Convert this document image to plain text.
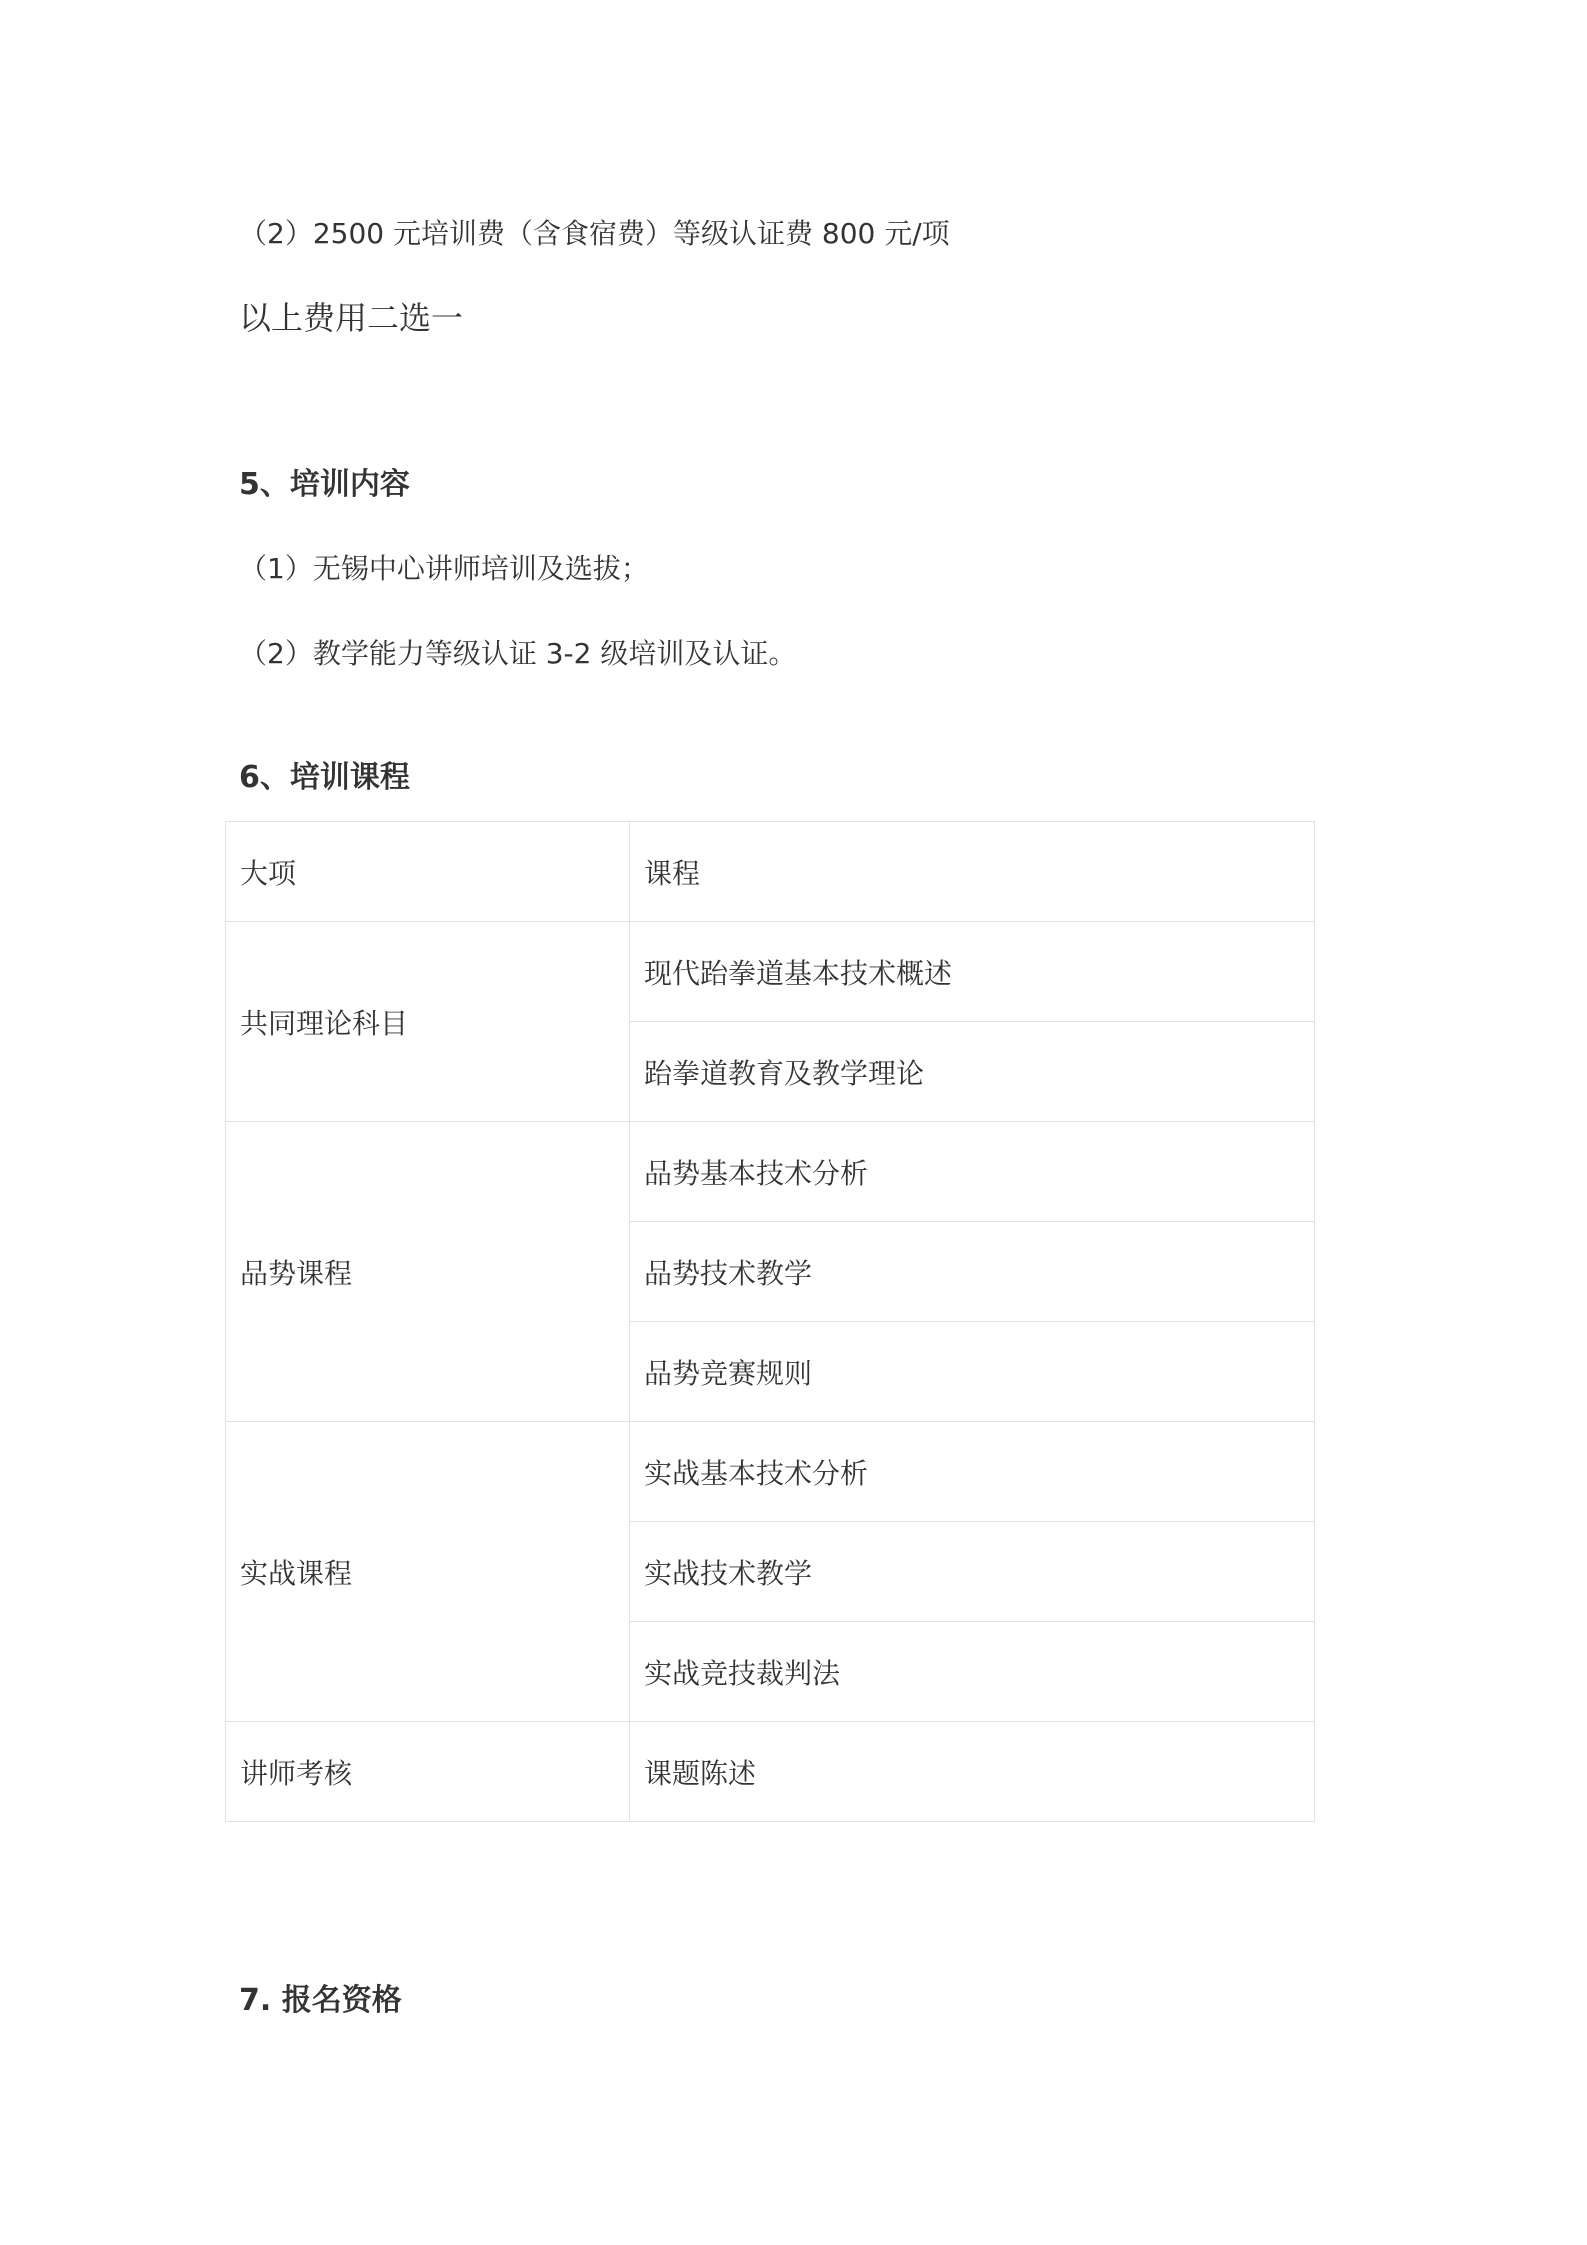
（2）2500 元培训费（含食宿费）等级认证费 800 元/项
以上费用二选一
5、培训内容
（1）无锡中心讲师培训及选拔；
（2）教学能力等级认证 3-2 级培训及认证。
6、培训课程
大项	课程
共同理论科目	现代跆拳道基本技术概述
	跆拳道教育及教学理论
品势课程	品势基本技术分析
	品势技术教学
	品势竞赛规则
实战课程	实战基本技术分析
	实战技术教学
	实战竞技裁判法
讲师考核	课题陈述
7. 报名资格
